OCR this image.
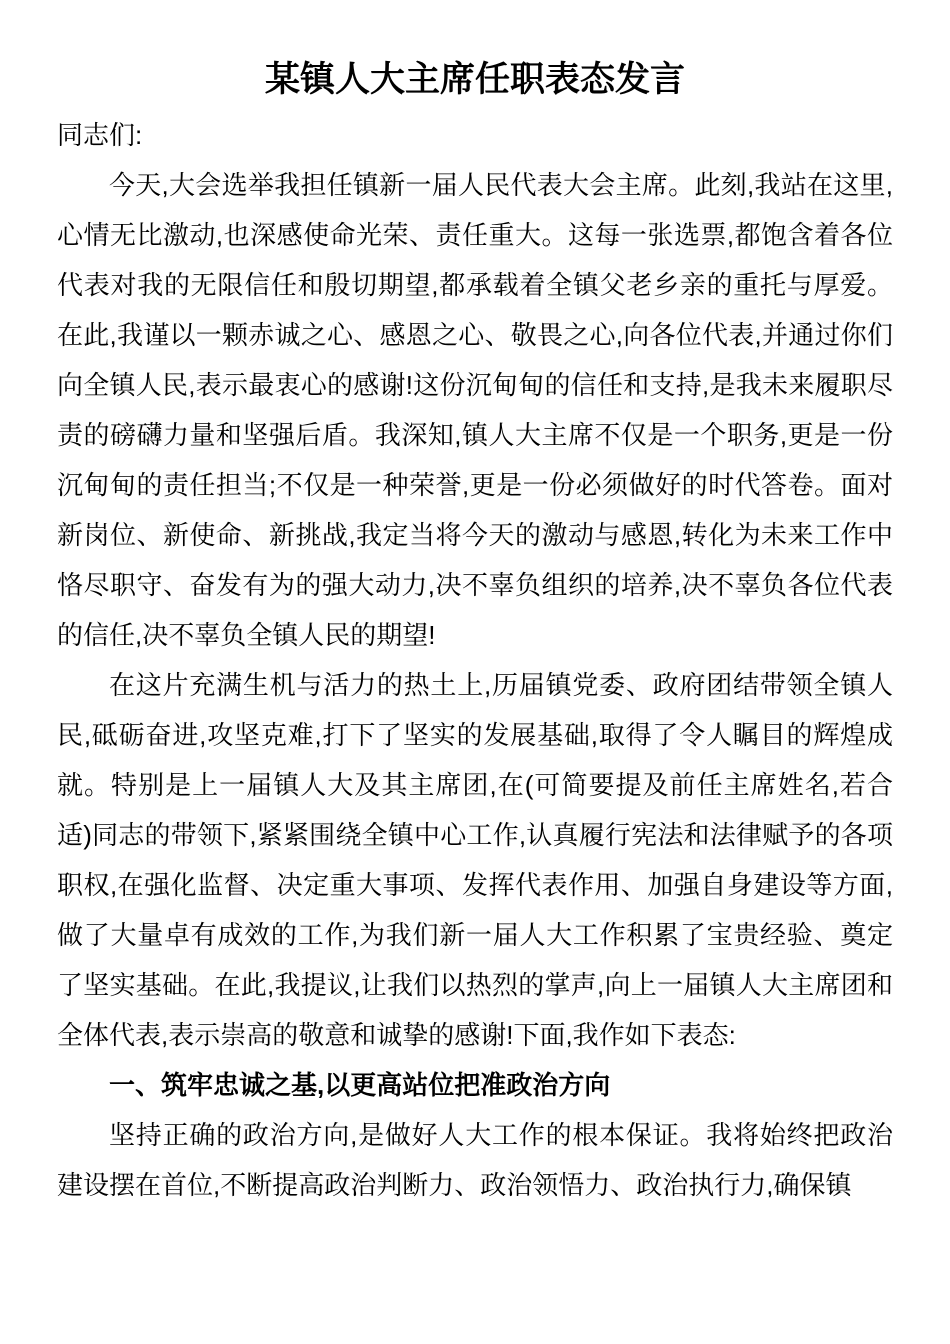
某镇人大主席任职表态发言

同志们:

今天,大会选举我担任镇新一届人民代表大会主席。此刻,我站在这里,心情无比激动,也深感使命光荣、责任重大。这每一张选票,都饱含着各位代表对我的无限信任和殷切期望,都承载着全镇父老乡亲的重托与厚爱。在此,我谨以一颗赤诚之心、感恩之心、敬畏之心,向各位代表,并通过你们向全镇人民,表示最衷心的感谢!这份沉甸甸的信任和支持,是我未来履职尽责的磅礴力量和坚强后盾。我深知,镇人大主席不仅是一个职务,更是一份沉甸甸的责任担当;不仅是一种荣誉,更是一份必须做好的时代答卷。面对新岗位、新使命、新挑战,我定当将今天的激动与感恩,转化为未来工作中恪尽职守、奋发有为的强大动力,决不辜负组织的培养,决不辜负各位代表的信任,决不辜负全镇人民的期望!

在这片充满生机与活力的热土上,历届镇党委、政府团结带领全镇人民,砥砺奋进,攻坚克难,打下了坚实的发展基础,取得了令人瞩目的辉煌成就。特别是上一届镇人大及其主席团,在(可简要提及前任主席姓名,若合适)同志的带领下,紧紧围绕全镇中心工作,认真履行宪法和法律赋予的各项职权,在强化监督、决定重大事项、发挥代表作用、加强自身建设等方面,做了大量卓有成效的工作,为我们新一届人大工作积累了宝贵经验、奠定了坚实基础。在此,我提议,让我们以热烈的掌声,向上一届镇人大主席团和全体代表,表示崇高的敬意和诚挚的感谢!下面,我作如下表态:

一、筑牢忠诚之基,以更高站位把准政治方向

坚持正确的政治方向,是做好人大工作的根本保证。我将始终把政治建设摆在首位,不断提高政治判断力、政治领悟力、政治执行力,确保镇
